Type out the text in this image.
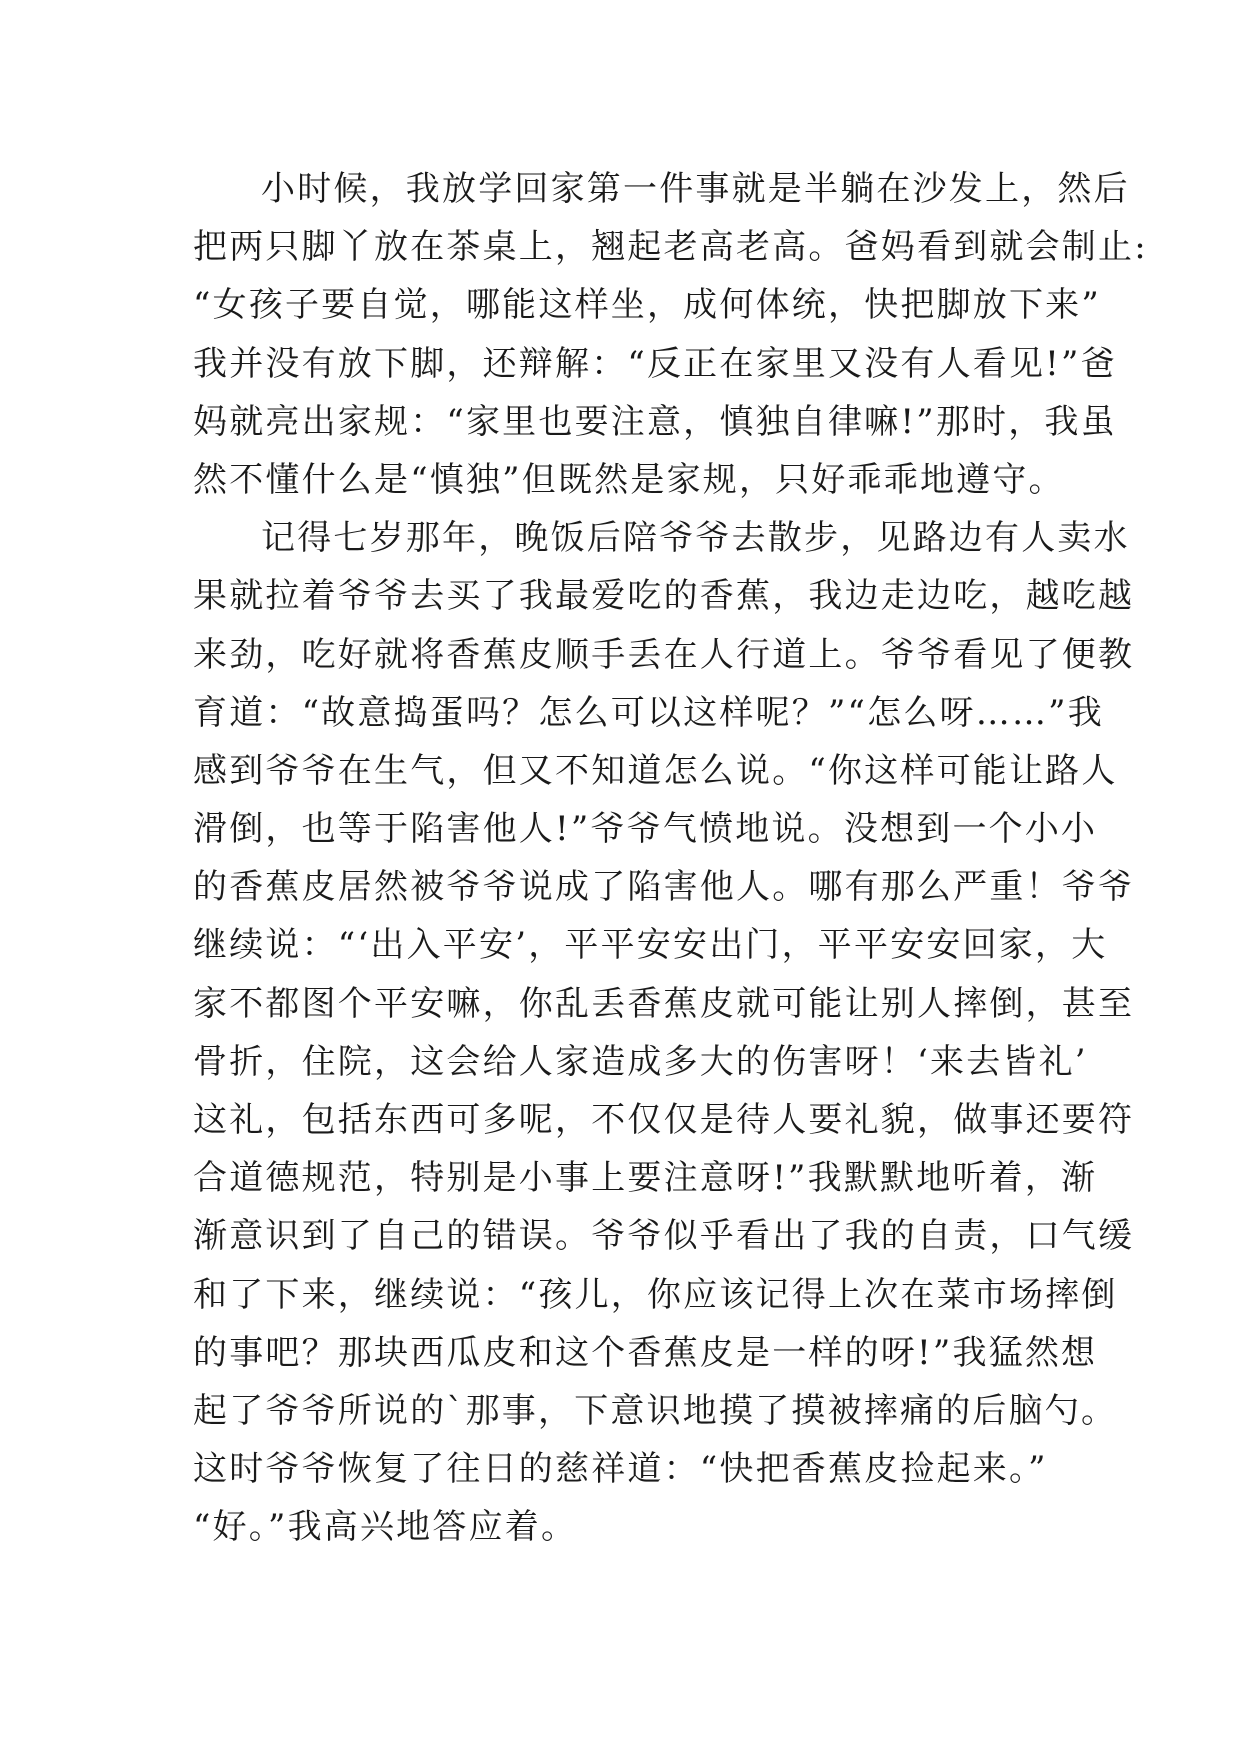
小时候，我放学回家第一件事就是半躺在沙发上，然后
把两只脚丫放在茶桌上，翘起老高老高。爸妈看到就会制止:
“女孩子要自觉，哪能这样坐，成何体统，快把脚放下来”
我并没有放下脚，还辩解：“反正在家里又没有人看见!”爸
妈就亮出家规：“家里也要注意，慎独自律嘛!”那时，我虽
然不懂什么是“慎独”但既然是家规，只好乖乖地遵守。
记得七岁那年，晚饭后陪爷爷去散步，见路边有人卖水
果就拉着爷爷去买了我最爱吃的香蕉，我边走边吃，越吃越
来劲，吃好就将香蕉皮顺手丢在人行道上。爷爷看见了便教
育道：“故意捣蛋吗？怎么可以这样呢？”“怎么呀……”我
感到爷爷在生气，但又不知道怎么说。“你这样可能让路人
滑倒，也等于陷害他人!”爷爷气愤地说。没想到一个小小
的香蕉皮居然被爷爷说成了陷害他人。哪有那么严重！爷爷
继续说：“‘出入平安’，平平安安出门，平平安安回家，大
家不都图个平安嘛，你乱丢香蕉皮就可能让别人摔倒，甚至
骨折，住院，这会给人家造成多大的伤害呀！‘来去皆礼’
这礼，包括东西可多呢，不仅仅是待人要礼貌，做事还要符
合道德规范，特别是小事上要注意呀!”我默默地听着，渐
渐意识到了自己的错误。爷爷似乎看出了我的自责，口气缓
和了下来，继续说：“孩儿，你应该记得上次在菜市场摔倒
的事吧？那块西瓜皮和这个香蕉皮是一样的呀!”我猛然想
起了爷爷所说的`那事，下意识地摸了摸被摔痛的后脑勺。
这时爷爷恢复了往日的慈祥道：“快把香蕉皮捡起来。”
“好。”我高兴地答应着。
